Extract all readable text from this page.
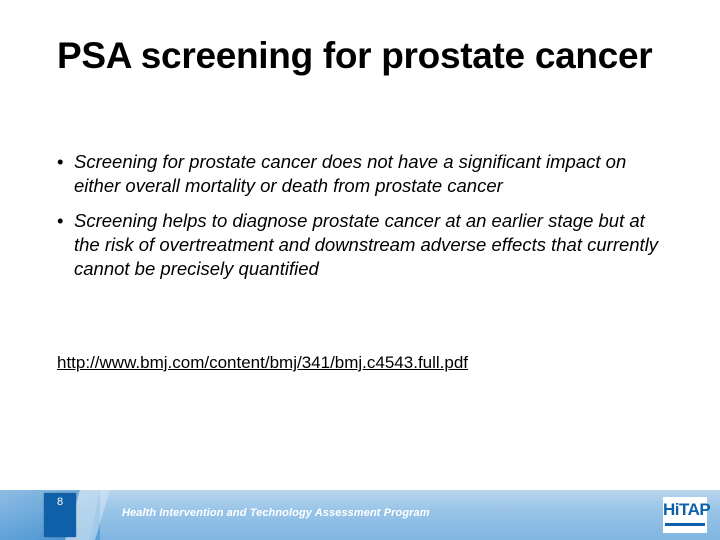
PSA screening for prostate cancer
• Screening for prostate cancer does not have a significant impact on either overall mortality or death from prostate cancer
• Screening helps to diagnose prostate cancer at an earlier stage but at the risk of overtreatment and downstream adverse effects that currently cannot be precisely quantified
http://www.bmj.com/content/bmj/341/bmj.c4543.full.pdf
8
Health Intervention and Technology Assessment Program	HiTAP
